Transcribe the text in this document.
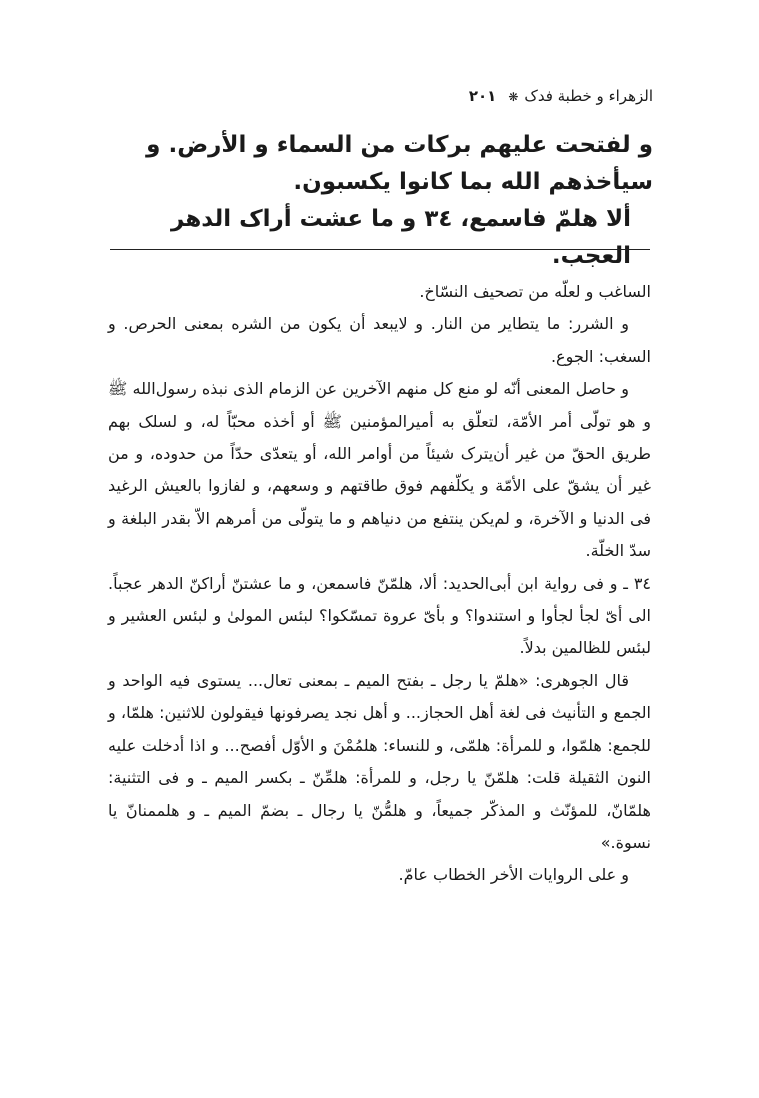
الزهراء و خطبة فدک❋٢٠١

و لفتحت عليهم بركات من السماء و الأرض. و سيأخذهم الله بما كانوا يكسبون.

ألا هلمّ فاسمع، ٣٤ و ما عشت أراک الدهر العجب.

الساغب و لعلّه من تصحيف النسّاخ.

و الشرر: ما يتطاير من النار. و لايبعد أن يكون من الشره بمعنى الحرص. و السغب: الجوع.

و حاصل المعنى أنّه لو منع كل منهم الآخرين عن الزمام الذى نبذه رسول‌الله ﷺ و هو تولّى أمر الأمّة، لتعلّق به أميرالمؤمنين ﷺ أو أخذه محبّاً له، و لسلک بهم طريق الحقّ من غير أن‌يترک شيئاً من أوامر الله، أو يتعدّى حدّاً من حدوده، و من غير أن يشقّ على الأمّة و يكلّفهم فوق طاقتهم و وسعهم، و لفازوا بالعيش الرغيد فى الدنيا و الآخرة، و لم‌يكن ينتفع من دنياهم و ما يتولّى من أمرهم الاّ بقدر البلغة و سدّ الخلّة.

٣٤ ـ و فى رواية ابن أبى‌الحديد: ألا، هلمّنّ فاسمعن، و ما عشتنّ أراكنّ الدهر عجباً. الى أىّ لجأ لجأوا و استندوا؟ و بأىّ عروة تمسّكوا؟ لبئس المولىٰ و لبئس العشير و لبئس للظالمين بدلاً.

قال الجوهرى: «هلمّ يا رجل ـ بفتح الميم ـ بمعنى تعال... يستوى فيه الواحد و الجمع و التأنيث فى لغة أهل الحجاز... و أهل نجد يصرفونها فيقولون للاثنين: هلمّا، و للجمع: هلمّوا، و للمرأة: هلمّى، و للنساء: هلمُمْنَ و الأوّل أفصح... و اذا أدخلت عليه النون الثقيلة قلت: هلمّنّ يا رجل، و للمرأة: هلمِّنّ ـ بكسر الميم ـ و فى التثنية: هلمّانّ، للمؤنّث و المذكّر جميعاً، و هلمُّنّ يا رجال ـ بضمّ الميم ـ و هلممنانّ يا نسوة.»

و على الروايات الأخر الخطاب عامّ.
